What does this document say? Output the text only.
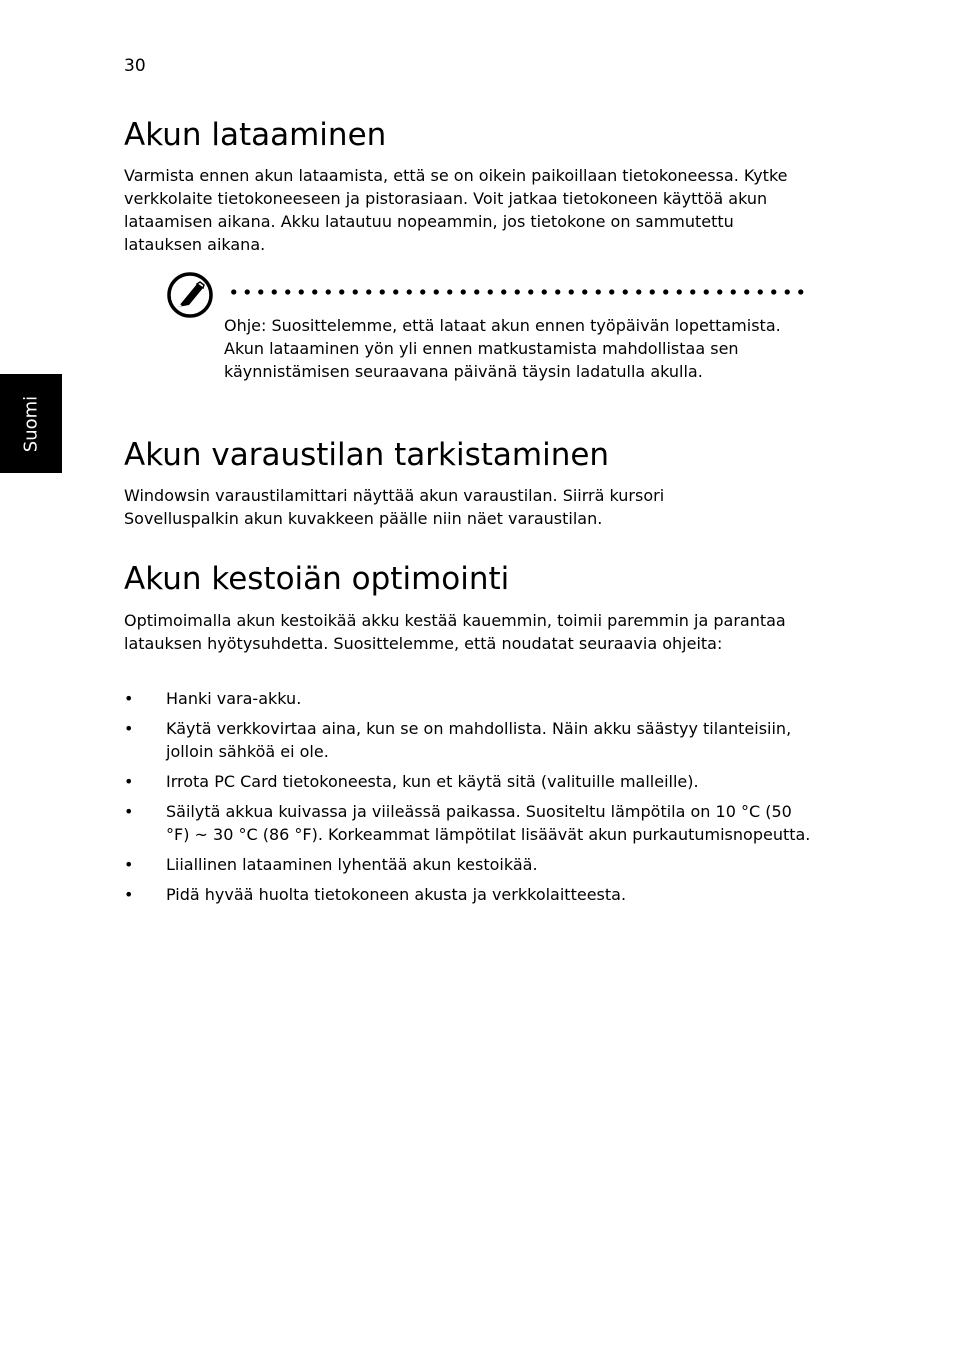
30
Suomi
Akun lataaminen

Varmista ennen akun lataamista, että se on oikein paikoillaan tietokoneessa. Kytke verkkolaite tietokoneeseen ja pistorasiaan. Voit jatkaa tietokoneen käyttöä akun lataamisen aikana. Akku latautuu nopeammin, jos tietokone on sammutettu latauksen aikana.

Ohje: Suosittelemme, että lataat akun ennen työpäivän lopettamista. Akun lataaminen yön yli ennen matkustamista mahdollistaa sen käynnistämisen seuraavana päivänä täysin ladatulla akulla.

Akun varaustilan tarkistaminen

Windowsin varaustilamittari näyttää akun varaustilan. Siirrä kursori Sovelluspalkin akun kuvakkeen päälle niin näet varaustilan.

Akun kestoiän optimointi

Optimoimalla akun kestoikää akku kestää kauemmin, toimii paremmin ja parantaa latauksen hyötysuhdetta. Suosittelemme, että noudatat seuraavia ohjeita:

• Hanki vara-akku.
• Käytä verkkovirtaa aina, kun se on mahdollista. Näin akku säästyy tilanteisiin, jolloin sähköä ei ole.
• Irrota PC Card tietokoneesta, kun et käytä sitä (valituille malleille).
• Säilytä akkua kuivassa ja viileässä paikassa. Suositeltu lämpötila on 10 °C (50 °F) ~ 30 °C (86 °F). Korkeammat lämpötilat lisäävät akun purkautumisnopeutta.
• Liiallinen lataaminen lyhentää akun kestoikää.
• Pidä hyvää huolta tietokoneen akusta ja verkkolaitteesta.
